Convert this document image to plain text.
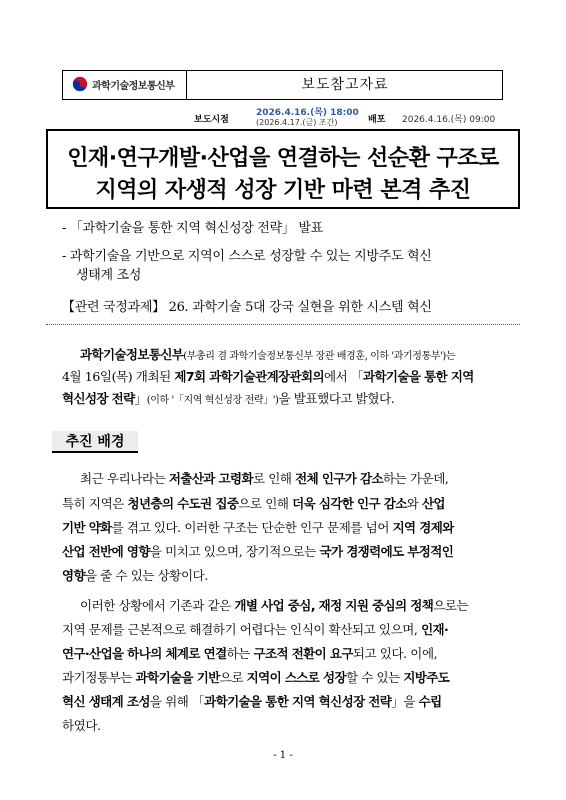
과학기술정보통신부	보도참고자료
보도시점
2026.4.16.(목) 18:00
(2026.4.17.(금) 조간)	배포 2026.4.16.(목) 09:00
인재·연구개발·산업을 연결하는 선순환 구조로
지역의 자생적 성장 기반 마련 본격 추진
- 「과학기술을 통한 지역 혁신성장 전략」 발표
- 과학기술을 기반으로 지역이 스스로 성장할 수 있는 지방주도 혁신
생태계 조성
【관련 국정과제】 26. 과학기술 5대 강국 실현을 위한 시스템 혁신
과학기술정보통신부(부총리 겸 과학기술정보통신부 장관 배경훈, 이하 '과기정통부')는
4월 16일(목) 개최된 제7회 과학기술관계장관회의에서 「과학기술을 통한 지역
혁신성장 전략」(이하 '「지역 혁신성장 전략」')을 발표했다고 밝혔다.
추진 배경
최근 우리나라는 저출산과 고령화로 인해 전체 인구가 감소하는 가운데,
특히 지역은 청년층의 수도권 집중으로 인해 더욱 심각한 인구 감소와 산업
기반 약화를 겪고 있다. 이러한 구조는 단순한 인구 문제를 넘어 지역 경제와
산업 전반에 영향을 미치고 있으며, 장기적으로는 국가 경쟁력에도 부정적인
영향을 줄 수 있는 상황이다.
이러한 상황에서 기존과 같은 개별 사업 중심, 재정 지원 중심의 정책으로는
지역 문제를 근본적으로 해결하기 어렵다는 인식이 확산되고 있으며, 인재·
연구·산업을 하나의 체계로 연결하는 구조적 전환이 요구되고 있다. 이에,
과기정통부는 과학기술을 기반으로 지역이 스스로 성장할 수 있는 지방주도
혁신 생태계 조성을 위해 「과학기술을 통한 지역 혁신성장 전략」을 수립
하였다.
- 1 -
